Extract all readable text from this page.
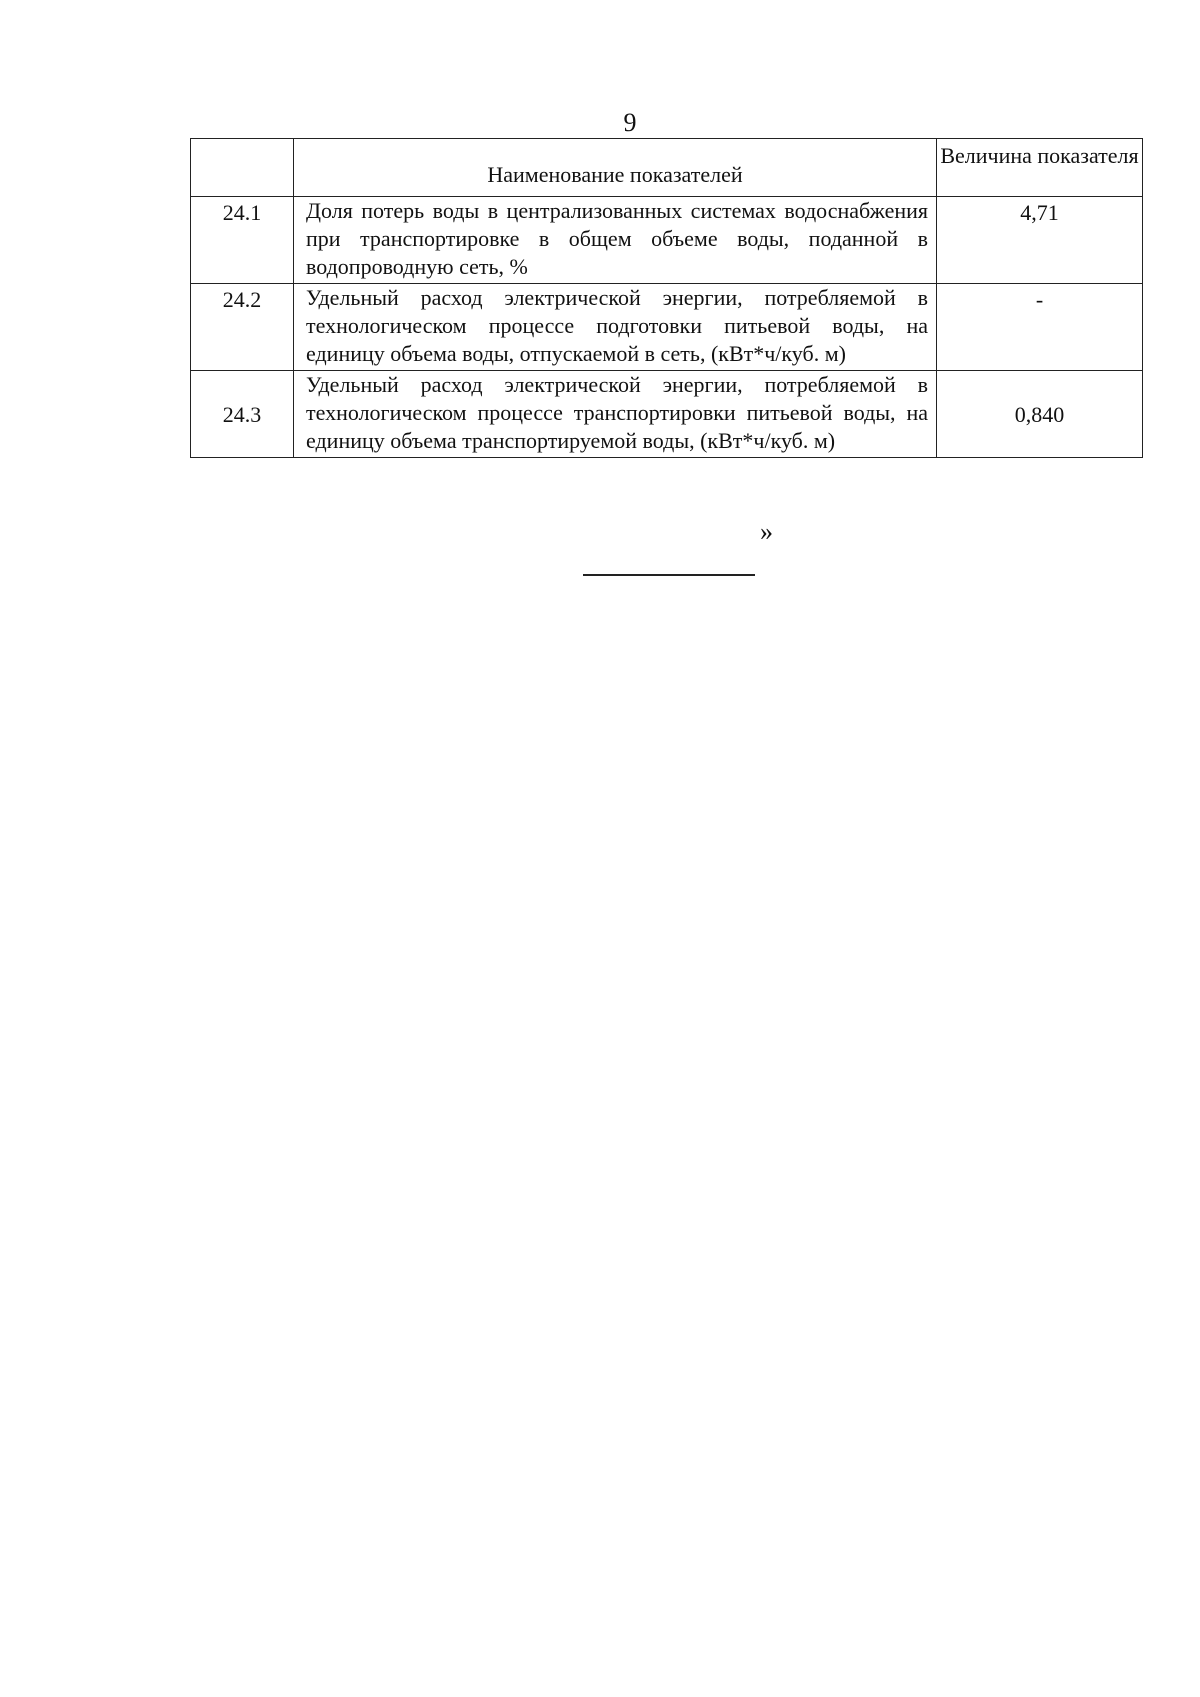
9
	Наименование показателей	Величина показателя
24.1	Доля потерь воды в централизованных системах водоснабжения при транспортировке в общем объеме воды, поданной в водопроводную сеть, %	4,71
24.2	Удельный расход электрической энергии, потребляемой в технологическом процессе подготовки питьевой воды, на единицу объема воды, отпускаемой в сеть, (кВт*ч/куб. м)	-
24.3	Удельный расход электрической энергии, потребляемой в технологическом процессе транспортировки питьевой воды, на единицу объема транспортируемой воды, (кВт*ч/куб. м)	0,840
»
